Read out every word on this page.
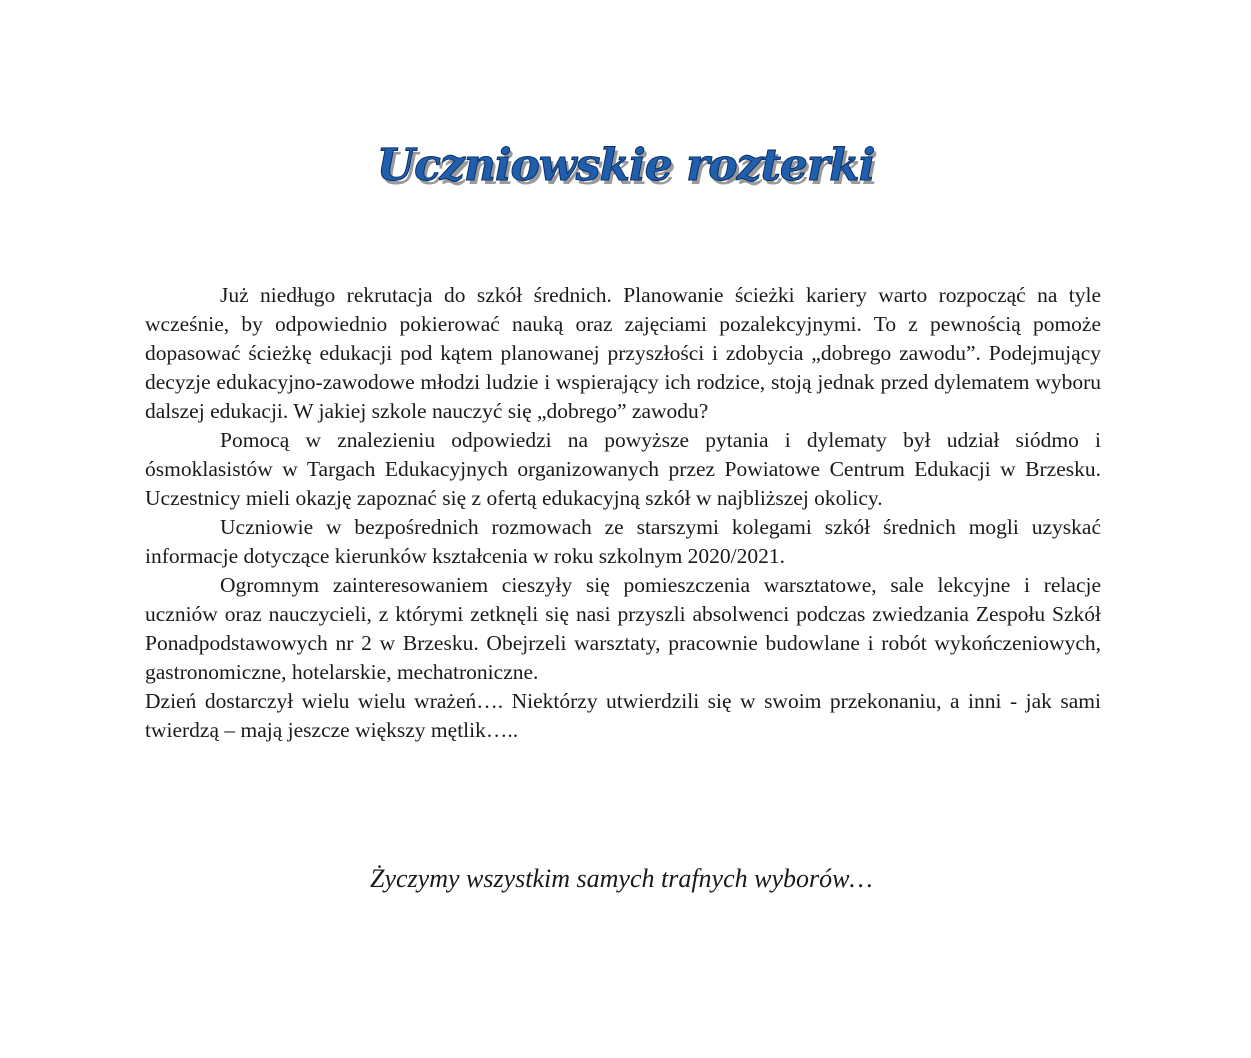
Uczniowskie rozterki

Już niedługo rekrutacja do szkół średnich. Planowanie ścieżki kariery warto rozpocząć na tyle wcześnie, by odpowiednio pokierować nauką oraz zajęciami pozalekcyjnymi. To z pewnością pomoże dopasować ścieżkę edukacji pod kątem planowanej przyszłości i zdobycia „dobrego zawodu”. Podejmujący decyzje edukacyjno-zawodowe młodzi ludzie i wspierający ich rodzice, stoją jednak przed dylematem wyboru dalszej edukacji. W jakiej szkole nauczyć się „dobrego” zawodu?

Pomocą w znalezieniu odpowiedzi na powyższe pytania i dylematy był udział siódmo i ósmoklasistów w Targach Edukacyjnych organizowanych przez Powiatowe Centrum Edukacji w Brzesku. Uczestnicy mieli okazję zapoznać się z ofertą edukacyjną szkół w najbliższej okolicy.

Uczniowie w bezpośrednich rozmowach ze starszymi kolegami szkół średnich mogli uzyskać informacje dotyczące kierunków kształcenia w roku szkolnym 2020/2021.

Ogromnym zainteresowaniem cieszyły się pomieszczenia warsztatowe, sale lekcyjne i relacje uczniów oraz nauczycieli, z którymi zetknęli się nasi przyszli absolwenci podczas zwiedzania Zespołu Szkół Ponadpodstawowych nr 2 w Brzesku. Obejrzeli warsztaty, pracownie budowlane i robót wykończeniowych, gastronomiczne, hotelarskie, mechatroniczne.

Dzień dostarczył wielu wielu wrażeń…. Niektórzy utwierdzili się w swoim przekonaniu, a inni - jak sami twierdzą – mają jeszcze większy mętlik…..

Życzymy wszystkim samych trafnych wyborów…
